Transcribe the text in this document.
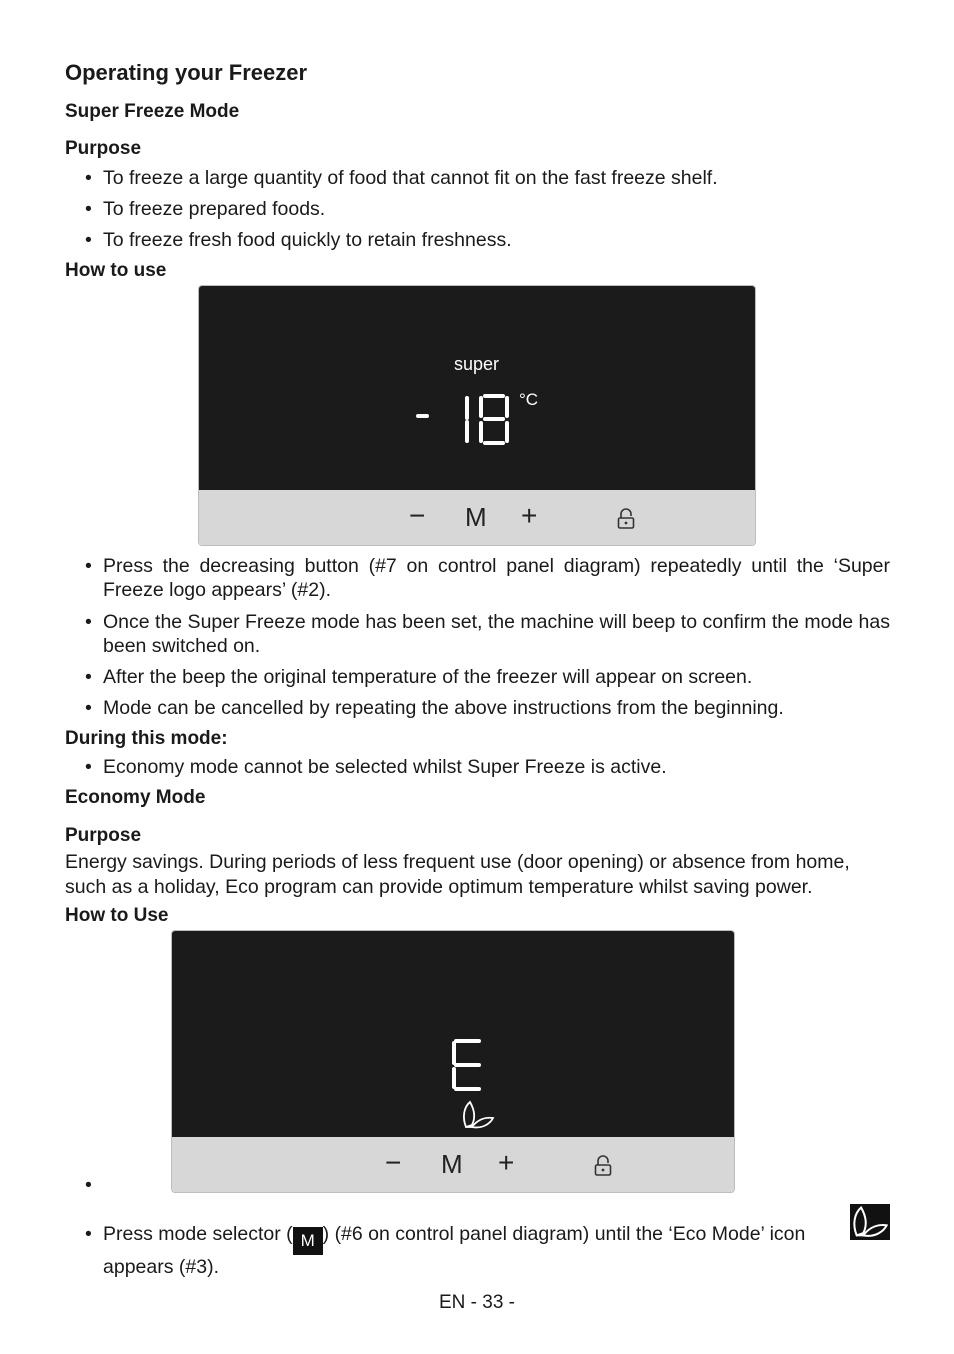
Operating your Freezer
Super Freeze Mode
Purpose
• To freeze a large quantity of food that cannot fit on the fast freeze shelf.
• To freeze prepared foods.
• To freeze fresh food quickly to retain freshness.
How to use
super
°C
− M +
• Press the decreasing button (#7 on control panel diagram) repeatedly until the ‘Super Freeze logo appears’ (#2).
• Once the Super Freeze mode has been set, the machine will beep to confirm the mode has been switched on.
• After the beep the original temperature of the freezer will appear on screen.
• Mode can be cancelled by repeating the above instructions from the beginning.
During this mode:
• Economy mode cannot be selected whilst Super Freeze is active.
Economy Mode
Purpose
Energy savings. During periods of less frequent use (door opening) or absence from home, such as a holiday, Eco program can provide optimum temperature whilst saving power.
How to Use
− M +
•
• Press mode selector ( M ) (#6 on control panel diagram) until the ‘Eco Mode’ icon

appears (#3).
EN - 33 -
